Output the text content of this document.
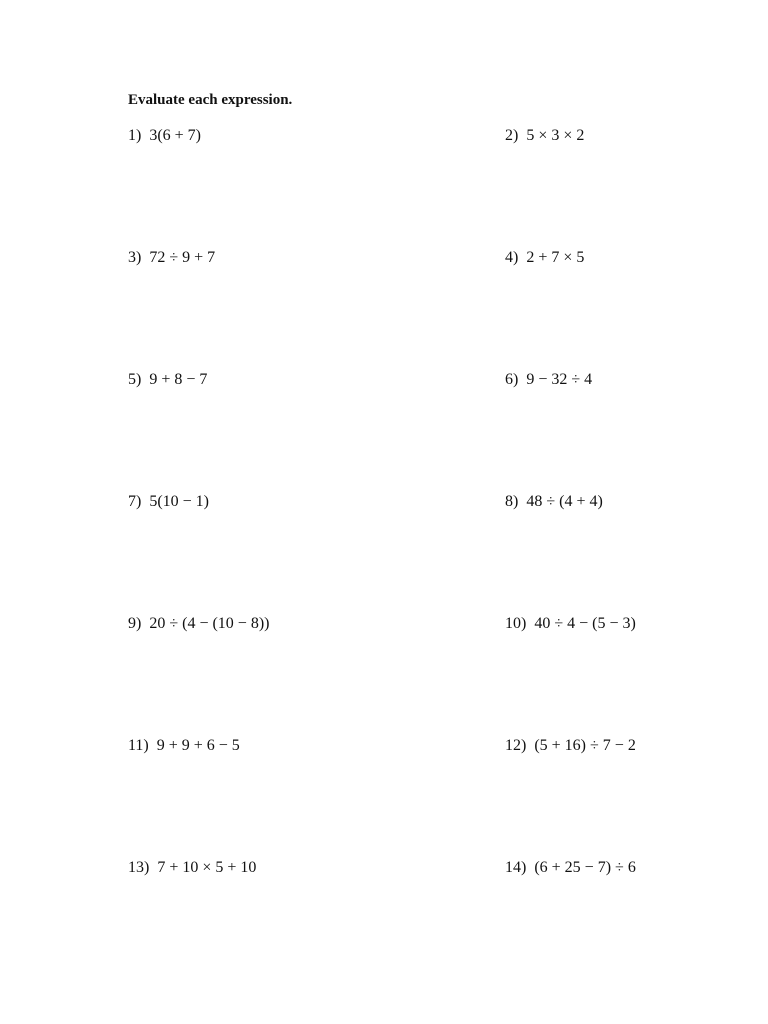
Evaluate each expression.

1) 3(6 + 7)	2) 5 × 3 × 2
3) 72 ÷ 9 + 7	4) 2 + 7 × 5
5) 9 + 8 − 7	6) 9 − 32 ÷ 4
7) 5(10 − 1)	8) 48 ÷ (4 + 4)
9) 20 ÷ (4 − (10 − 8))	10) 40 ÷ 4 − (5 − 3)
11) 9 + 9 + 6 − 5	12) (5 + 16) ÷ 7 − 2
13) 7 + 10 × 5 + 10	14) (6 + 25 − 7) ÷ 6
